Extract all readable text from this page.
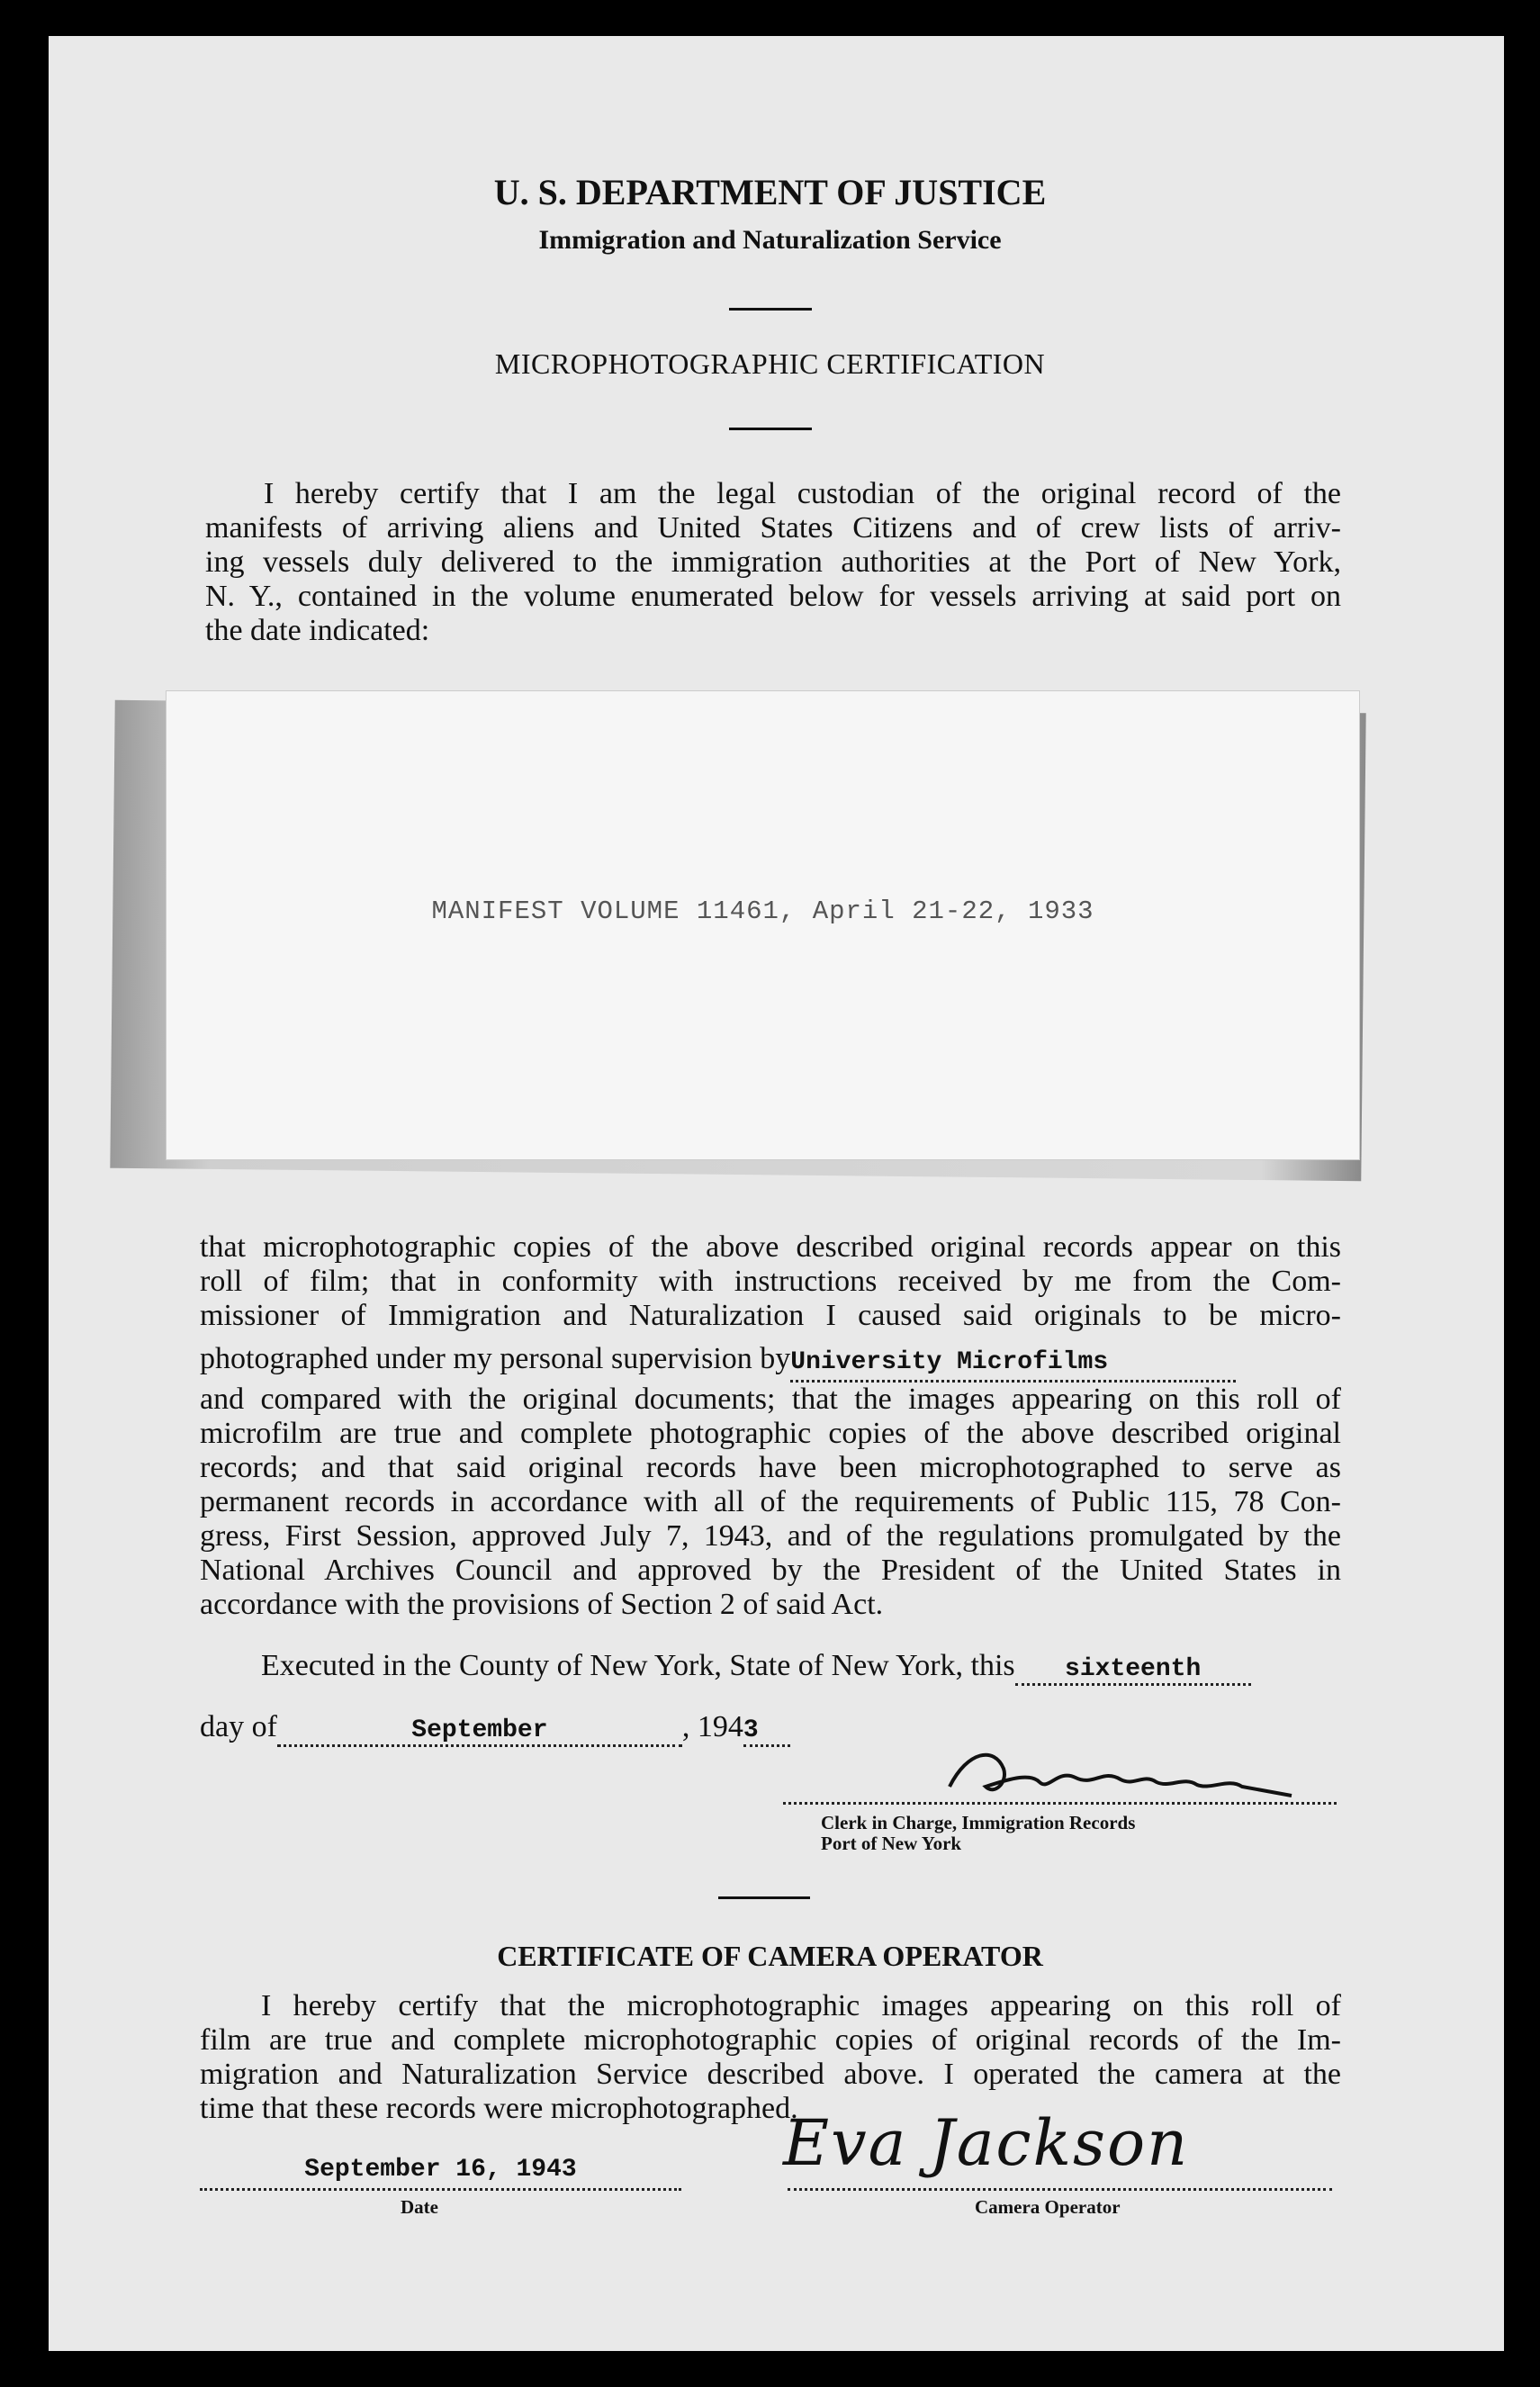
U. S. DEPARTMENT OF JUSTICE
Immigration and Naturalization Service
MICROPHOTOGRAPHIC CERTIFICATION
I hereby certify that I am the legal custodian of the original record of the
manifests of arriving aliens and United States Citizens and of crew lists of arriv-
ing vessels duly delivered to the immigration authorities at the Port of New York,
N. Y., contained in the volume enumerated below for vessels arriving at said port on
the date indicated:
MANIFEST VOLUME 11461, April 21-22, 1933
that microphotographic copies of the above described original records appear on this
roll of film; that in conformity with instructions received by me from the Com-
missioner of Immigration and Naturalization I caused said originals to be micro-
photographed under my personal supervision byUniversity Microfilms
and compared with the original documents; that the images appearing on this roll of
microfilm are true and complete photographic copies of the above described original
records; and that said original records have been microphotographed to serve as
permanent records in accordance with all of the requirements of Public 115, 78 Con-
gress, First Session, approved July 7, 1943, and of the regulations promulgated by the
National Archives Council and approved by the President of the United States in
accordance with the provisions of Section 2 of said Act.
Executed in the County of New York, State of New York, this sixteenth
day of	September	, 1943
Clerk in Charge, Immigration Records
Port of New York
CERTIFICATE OF CAMERA OPERATOR
I hereby certify that the microphotographic images appearing on this roll of
film are true and complete microphotographic copies of original records of the Im-
migration and Naturalization Service described above. I operated the camera at the
time that these records were microphotographed.
September 16, 1943
Date
Eva Jackson
Camera Operator
